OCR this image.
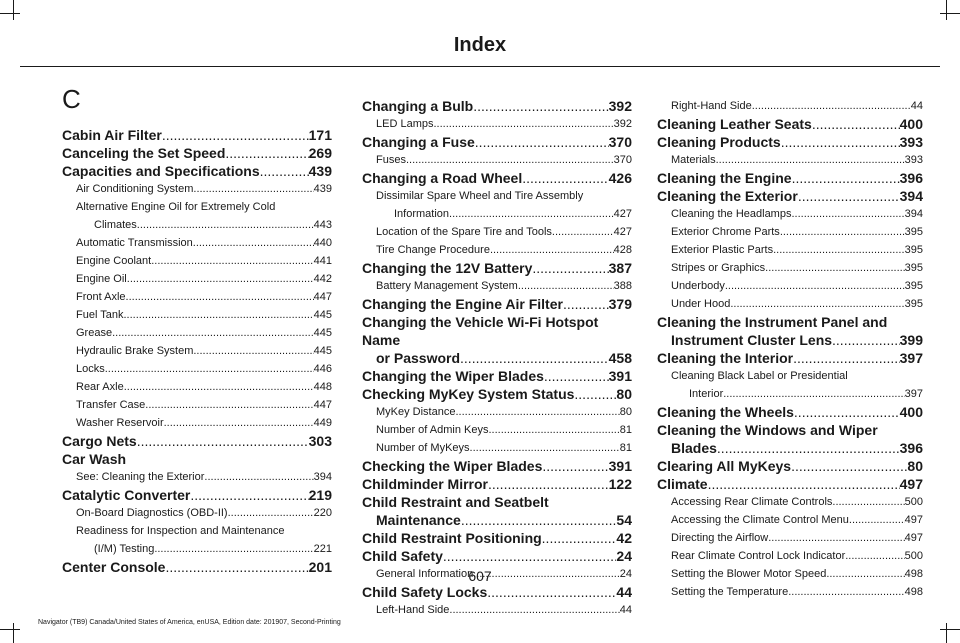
Index
C
Cabin Air Filter .....	171
Canceling the Set Speed .....	269
Capacities and Specifications .....	439
Air Conditioning System .....	439
Alternative Engine Oil for Extremely Cold
Climates .....	443
Automatic Transmission .....	440
Engine Coolant .....	441
Engine Oil .....	442
Front Axle .....	447
Fuel Tank .....	445
Grease .....	445
Hydraulic Brake System .....	445
Locks .....	446
Rear Axle .....	448
Transfer Case .....	447
Washer Reservoir .....	449
Cargo Nets .....	303
Car Wash
See: Cleaning the Exterior .....	394
Catalytic Converter .....	219
On-Board Diagnostics (OBD-II) .....	220
Readiness for Inspection and Maintenance
(I/M) Testing .....	221
Center Console .....	201
Changing a Bulb .....	392
LED Lamps .....	392
Changing a Fuse .....	370
Fuses .....	370
Changing a Road Wheel .....	426
Dissimilar Spare Wheel and Tire Assembly
Information .....	427
Location of the Spare Tire and Tools .....	427
Tire Change Procedure .....	428
Changing the 12V Battery .....	387
Battery Management System .....	388
Changing the Engine Air Filter .....	379
Changing the Vehicle Wi-Fi Hotspot Name
or Password .....	458
Changing the Wiper Blades .....	391
Checking MyKey System Status .....	80
MyKey Distance .....	80
Number of Admin Keys .....	81
Number of MyKeys .....	81
Checking the Wiper Blades .....	391
Childminder Mirror .....	122
Child Restraint and Seatbelt
Maintenance .....	54
Child Restraint Positioning .....	42
Child Safety .....	24
General Information .....	24
Child Safety Locks .....	44
Left-Hand Side .....	44
Right-Hand Side .....	44
Cleaning Leather Seats .....	400
Cleaning Products .....	393
Materials .....	393
Cleaning the Engine .....	396
Cleaning the Exterior .....	394
Cleaning the Headlamps .....	394
Exterior Chrome Parts .....	395
Exterior Plastic Parts .....	395
Stripes or Graphics .....	395
Underbody .....	395
Under Hood .....	395
Cleaning the Instrument Panel and
Instrument Cluster Lens .....	399
Cleaning the Interior .....	397
Cleaning Black Label or Presidential
Interior .....	397
Cleaning the Wheels .....	400
Cleaning the Windows and Wiper
Blades .....	396
Clearing All MyKeys .....	80
Climate .....	497
Accessing Rear Climate Controls .....	500
Accessing the Climate Control Menu .....	497
Directing the Airflow .....	497
Rear Climate Control Lock Indicator .....	500
Setting the Blower Motor Speed .....	498
Setting the Temperature .....	498
607
Navigator (TB9) Canada/United States of America, enUSA, Edition date: 201907, Second-Printing
